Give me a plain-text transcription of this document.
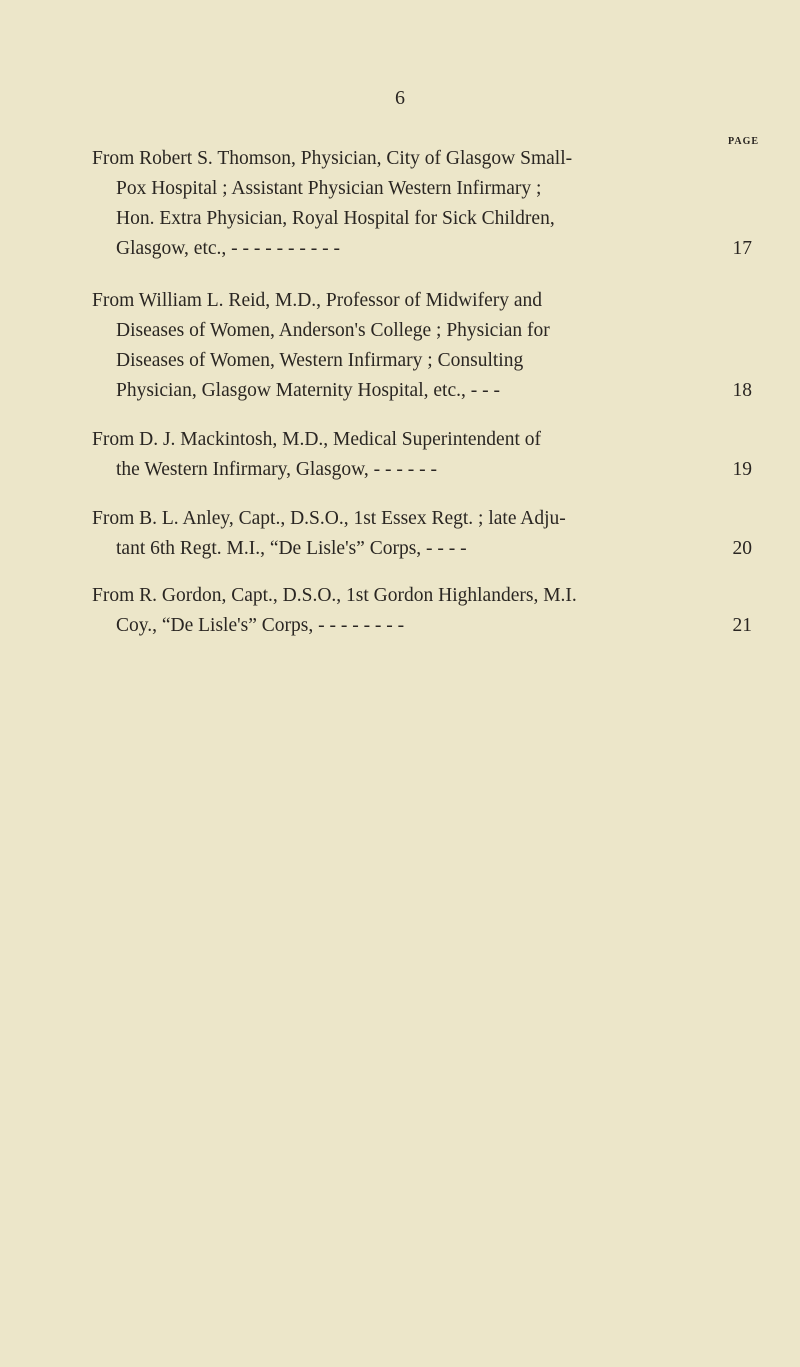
6
PAGE
From Robert S. Thomson, Physician, City of Glasgow Small-
Pox Hospital ; Assistant Physician Western Infirmary ;
Hon. Extra Physician, Royal Hospital for Sick Children,
Glasgow, etc., - - - - - - - - - -	17
From William L. Reid, M.D., Professor of Midwifery and
Diseases of Women, Anderson's College ; Physician for
Diseases of Women, Western Infirmary ; Consulting
Physician, Glasgow Maternity Hospital, etc., - - -	18
From D. J. Mackintosh, M.D., Medical Superintendent of
the Western Infirmary, Glasgow, - - - - - -	19
From B. L. Anley, Capt., D.S.O., 1st Essex Regt. ; late Adju-
tant 6th Regt. M.I., “De Lisle's” Corps, - - - -	20
From R. Gordon, Capt., D.S.O., 1st Gordon Highlanders, M.I.
Coy., “De Lisle's” Corps, - - - - - - - -	21
